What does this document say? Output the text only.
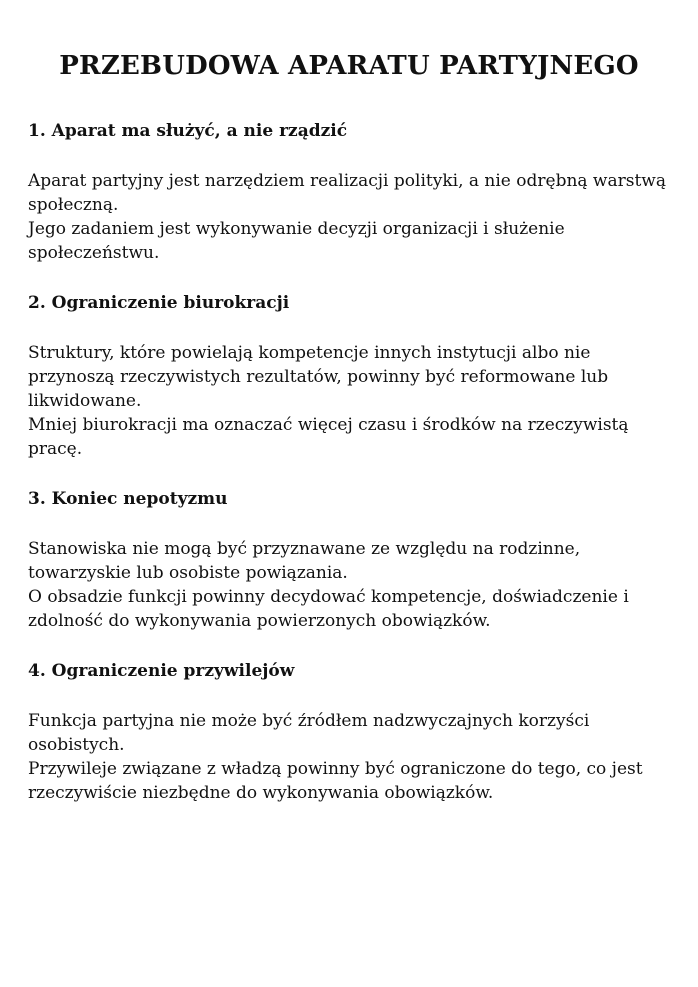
PRZEBUDOWA APARATU PARTYJNEGO
1. Aparat ma służyć, a nie rządzić

Aparat partyjny jest narzędziem realizacji polityki, a nie odrębną warstwą społeczną.

Jego zadaniem jest wykonywanie decyzji organizacji i służenie społeczeństwu.

2. Ograniczenie biurokracji

Struktury, które powielają kompetencje innych instytucji albo nie przynoszą rzeczywistych rezultatów, powinny być reformowane lub likwidowane.

Mniej biurokracji ma oznaczać więcej czasu i środków na rzeczywistą pracę.

3. Koniec nepotyzmu

Stanowiska nie mogą być przyznawane ze względu na rodzinne, towarzyskie lub osobiste powiązania.

O obsadzie funkcji powinny decydować kompetencje, doświadczenie i zdolność do wykonywania powierzonych obowiązków.

4. Ograniczenie przywilejów

Funkcja partyjna nie może być źródłem nadzwyczajnych korzyści osobistych.

Przywileje związane z władzą powinny być ograniczone do tego, co jest rzeczywiście niezbędne do wykonywania obowiązków.
